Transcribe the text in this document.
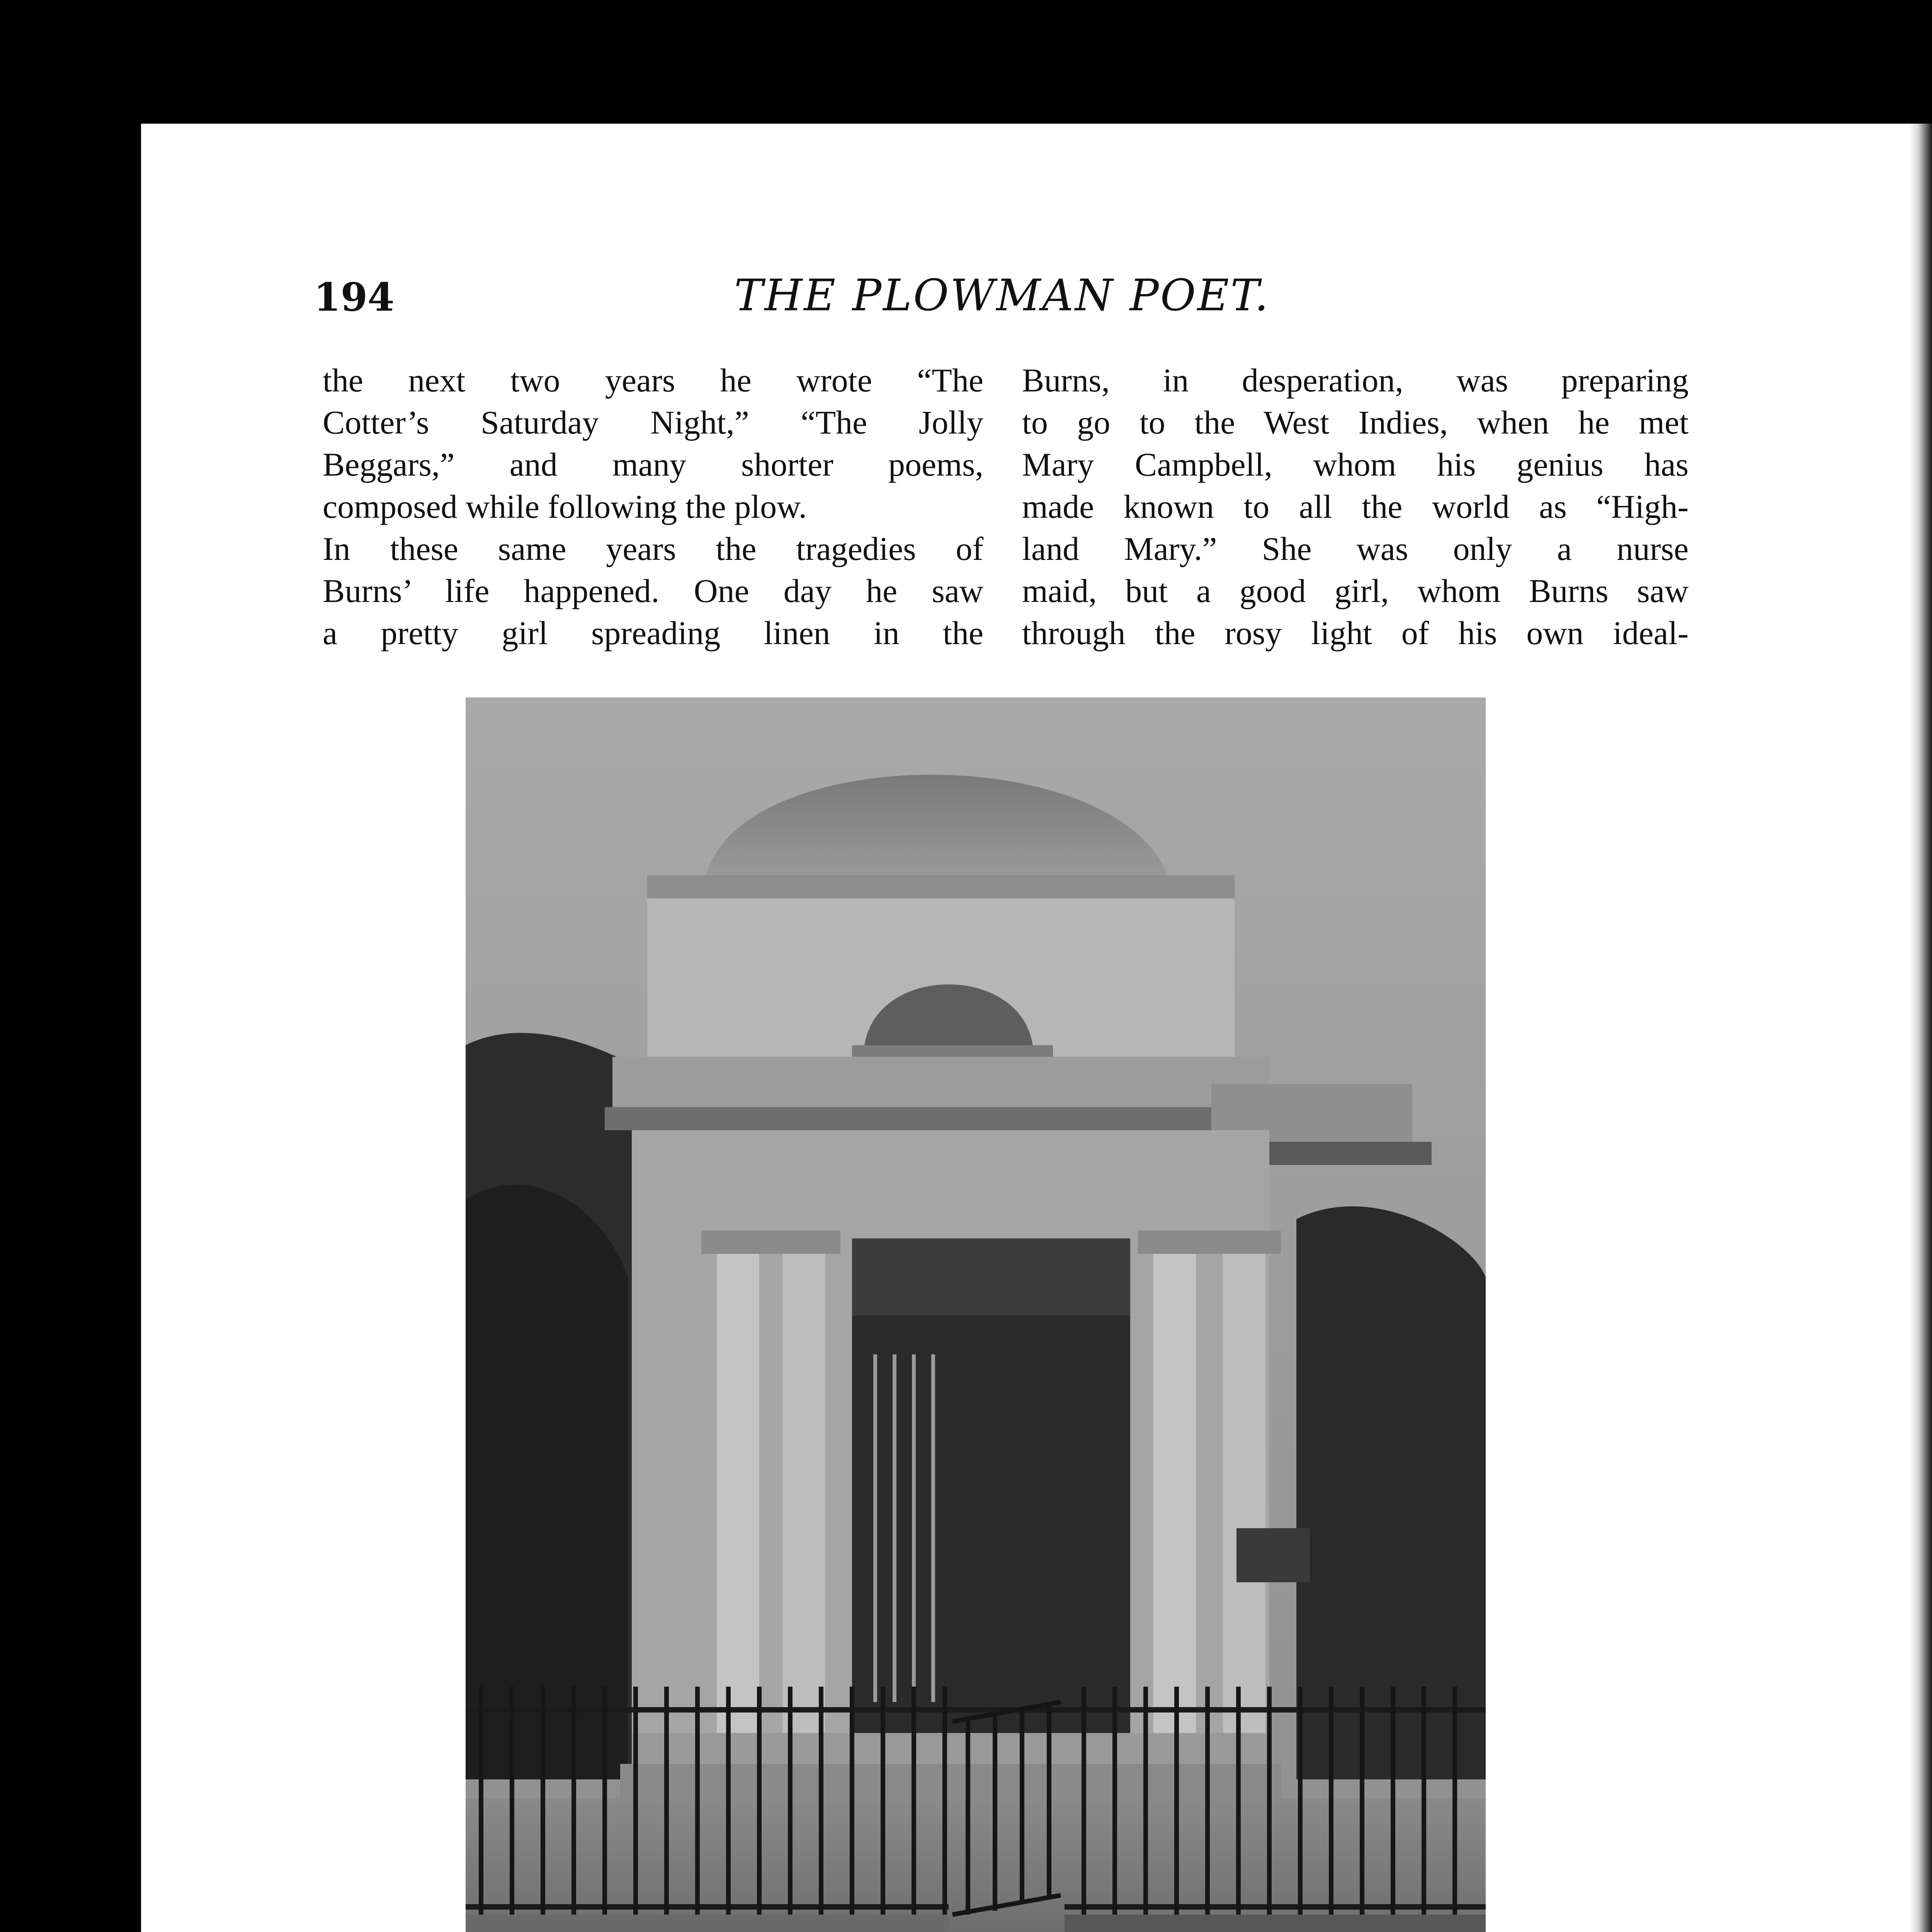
194	THE PLOWMAN POET.

the next two years he wrote “The
Cotter’s Saturday Night,” “The Jolly
Beggars,” and many shorter poems,
composed while following the plow.
In these same years the tragedies of
Burns’ life happened. One day he saw
a pretty girl spreading linen in the

Burns, in desperation, was preparing
to go to the West Indies, when he met
Mary Campbell, whom his genius has
made known to all the world as “High-
land Mary.” She was only a nurse
maid, but a good girl, whom Burns saw
through the rosy light of his own ideal-
